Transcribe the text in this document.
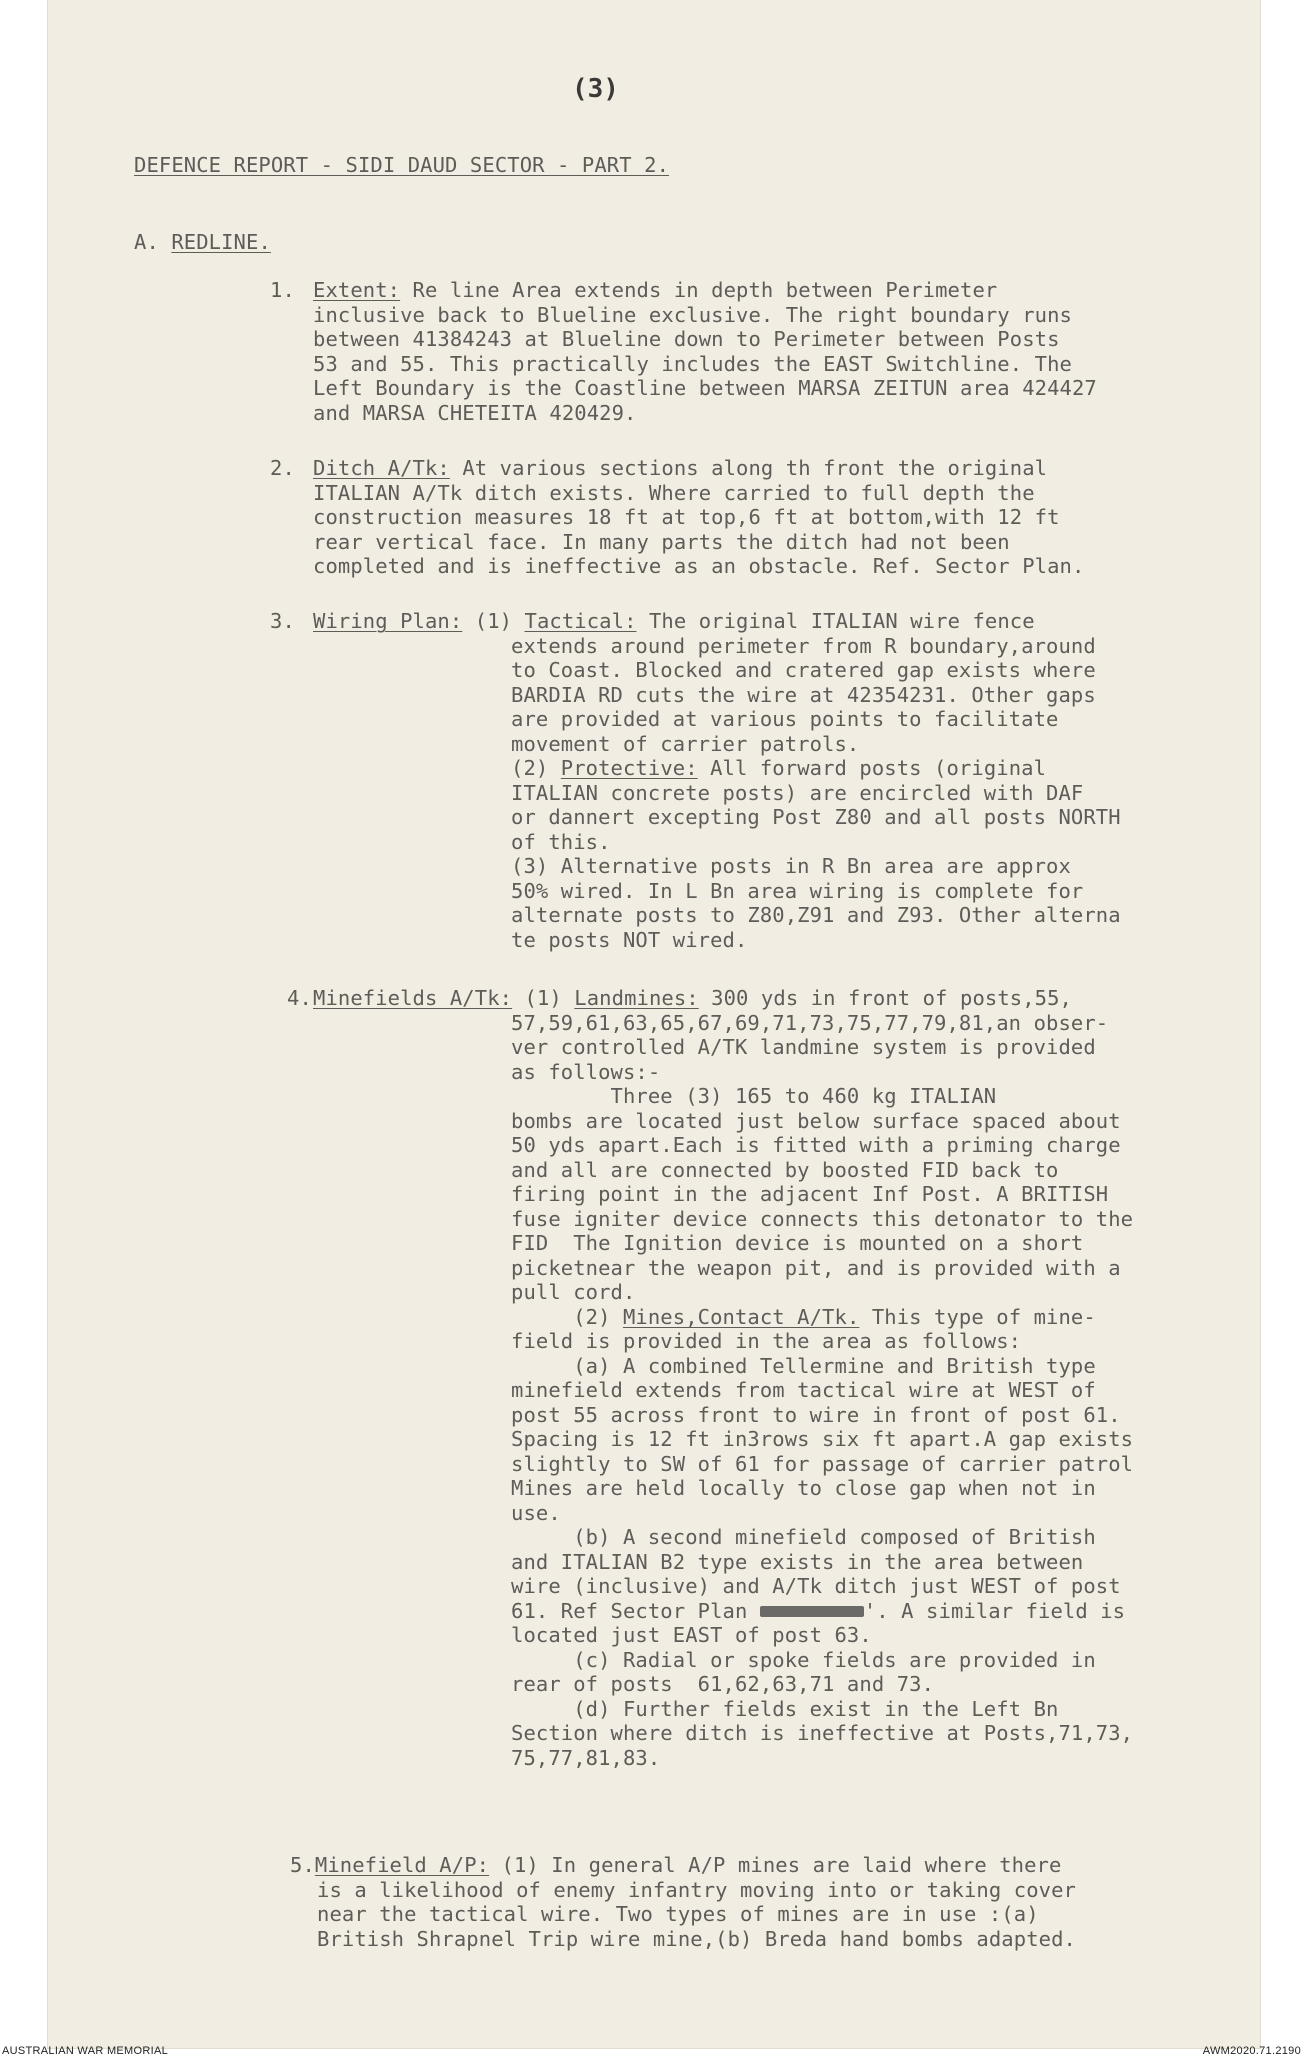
(3)
DEFENCE REPORT - SIDI DAUD SECTOR - PART 2.
A. REDLINE.
1. Extent: Re line Area extends in depth between Perimeter
inclusive back to Blueline exclusive. The right boundary runs
between 41384243 at Blueline down to Perimeter between Posts
53 and 55. This practically includes the EAST Switchline. The
Left Boundary is the Coastline between MARSA ZEITUN area 424427
and MARSA CHETEITA 420429.
2. Ditch A/Tk: At various sections along th front the original
ITALIAN A/Tk ditch exists. Where carried to full depth the
construction measures 18 ft at top,6 ft at bottom,with 12 ft
rear vertical face. In many parts the ditch had not been
completed and is ineffective as an obstacle. Ref. Sector Plan.
3. Wiring Plan: (1) Tactical: The original ITALIAN wire fence
extends around perimeter from R boundary,around
to Coast. Blocked and cratered gap exists where
BARDIA RD cuts the wire at 42354231. Other gaps
are provided at various points to facilitate
movement of carrier patrols.
(2) Protective: All forward posts (original
ITALIAN concrete posts) are encircled with DAF
or dannert excepting Post Z80 and all posts NORTH
of this.
(3) Alternative posts in R Bn area are approx
50% wired. In L Bn area wiring is complete for
alternate posts to Z80,Z91 and Z93. Other alterna
te posts NOT wired.
4. Minefields A/Tk: (1) Landmines: 300 yds in front of posts,55,
57,59,61,63,65,67,69,71,73,75,77,79,81,an obser-
ver controlled A/TK landmine system is provided
as follows:-
Three (3) 165 to 460 kg ITALIAN
bombs are located just below surface spaced about
50 yds apart.Each is fitted with a priming charge
and all are connected by boosted FID back to
firing point in the adjacent Inf Post. A BRITISH
fuse igniter device connects this detonator to the
FID  The Ignition device is mounted on a short
picketnear the weapon pit, and is provided with a
pull cord.
(2) Mines,Contact A/Tk. This type of mine-
field is provided in the area as follows:
(a) A combined Tellermine and British type
minefield extends from tactical wire at WEST of
post 55 across front to wire in front of post 61.
Spacing is 12 ft in3rows six ft apart.A gap exists
slightly to SW of 61 for passage of carrier patrol
Mines are held locally to close gap when not in
use.
(b) A second minefield composed of British
and ITALIAN B2 type exists in the area between
wire (inclusive) and A/Tk ditch just WEST of post
61. Ref Sector Plan	'. A similar field is
located just EAST of post 63.
(c) Radial or spoke fields are provided in
rear of posts  61,62,63,71 and 73.
(d) Further fields exist in the Left Bn
Section where ditch is ineffective at Posts,71,73,
75,77,81,83.
5.Minefield A/P: (1) In general A/P mines are laid where there
is a likelihood of enemy infantry moving into or taking cover
near the tactical wire. Two types of mines are in use :(a)
British Shrapnel Trip wire mine,(b) Breda hand bombs adapted.
AUSTRALIAN WAR MEMORIAL	AWM2020.71.2190
